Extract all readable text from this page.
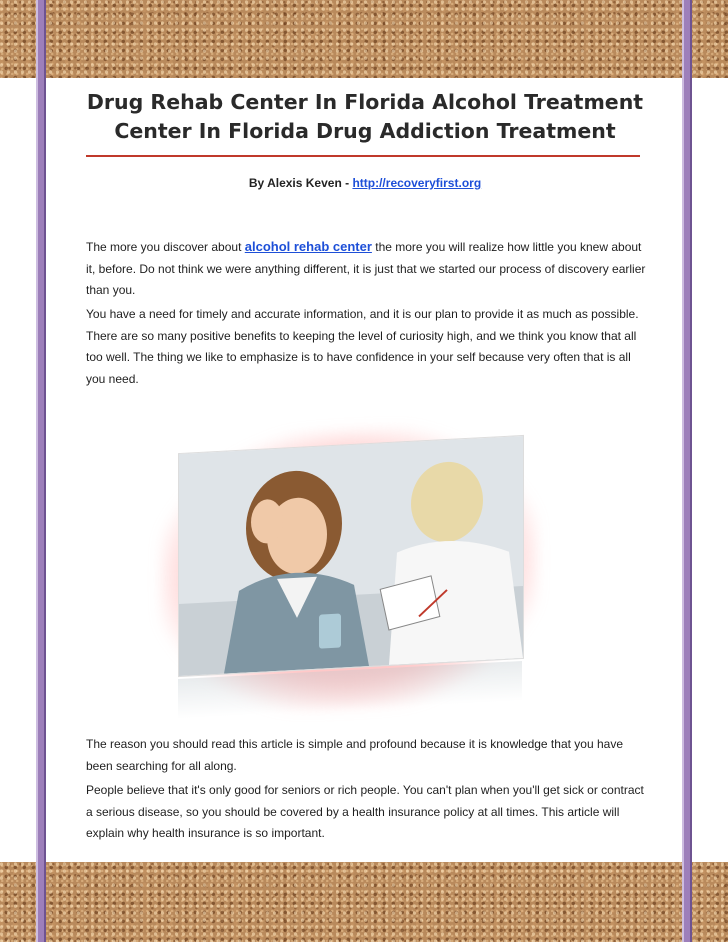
Drug Rehab Center In Florida Alcohol Treatment Center In Florida Drug Addiction Treatment
By Alexis Keven - http://recoveryfirst.org

The more you discover about alcohol rehab center the more you will realize how little you knew about it, before. Do not think we were anything different, it is just that we started our process of discovery earlier than you.

You have a need for timely and accurate information, and it is our plan to provide it as much as possible. There are so many positive benefits to keeping the level of curiosity high, and we think you know that all too well. The thing we like to emphasize is to have confidence in your self because very often that is all you need.

The reason you should read this article is simple and profound because it is knowledge that you have been searching for all along.

People believe that it's only good for seniors or rich people. You can't plan when you'll get sick or contract a serious disease, so you should be covered by a health insurance policy at all times. This article will explain why health insurance is so important.
